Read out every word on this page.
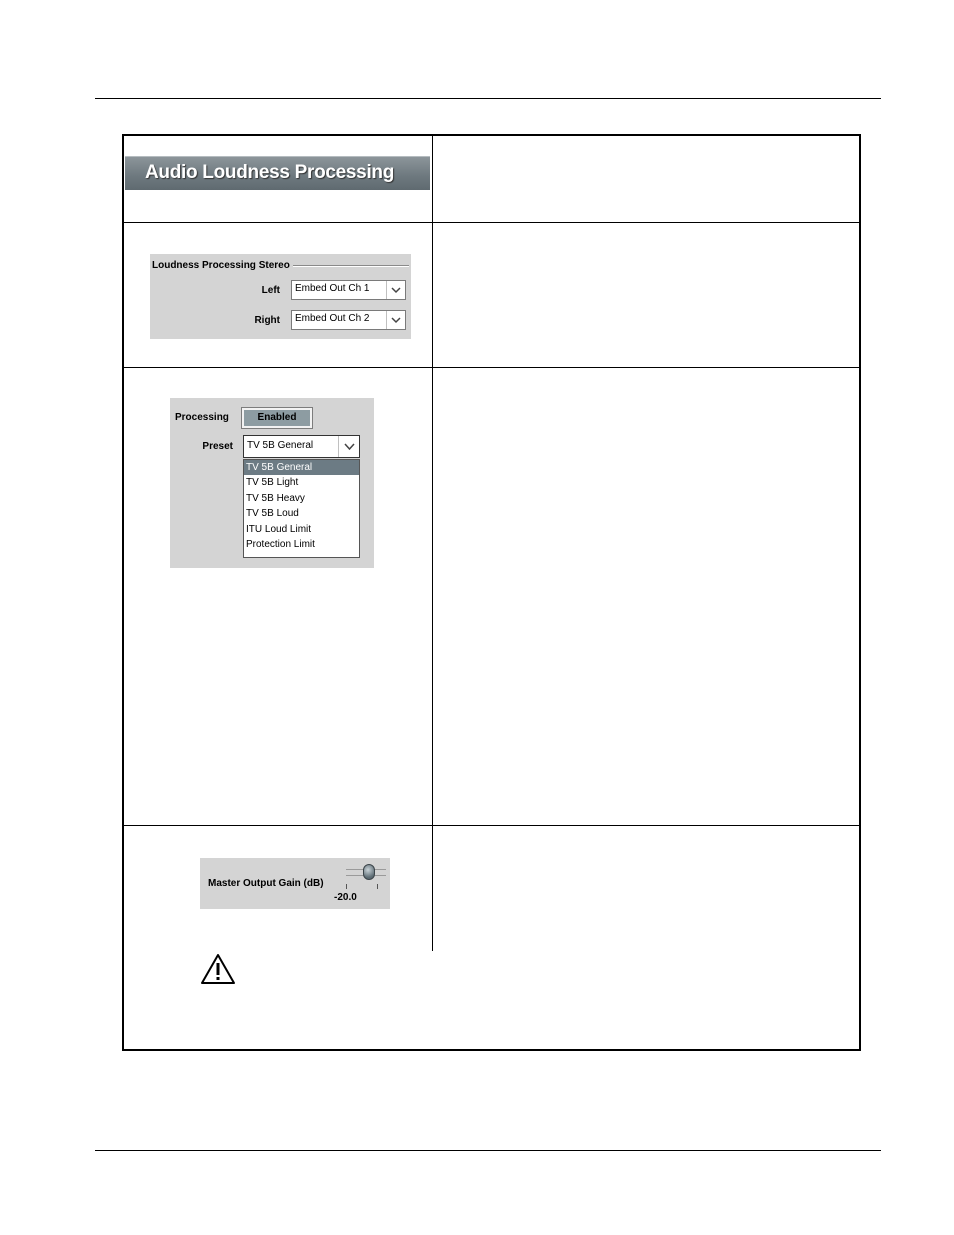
Audio Loudness Processing
Loudness Processing Stereo
Left Embed Out Ch 1
Right Embed Out Ch 2
Processing	Enabled
Preset TV 5B General
TV 5B General
TV 5B Light
TV 5B Heavy
TV 5B Loud
ITU Loud Limit
Protection Limit
Master Output Gain (dB)
-20.0
